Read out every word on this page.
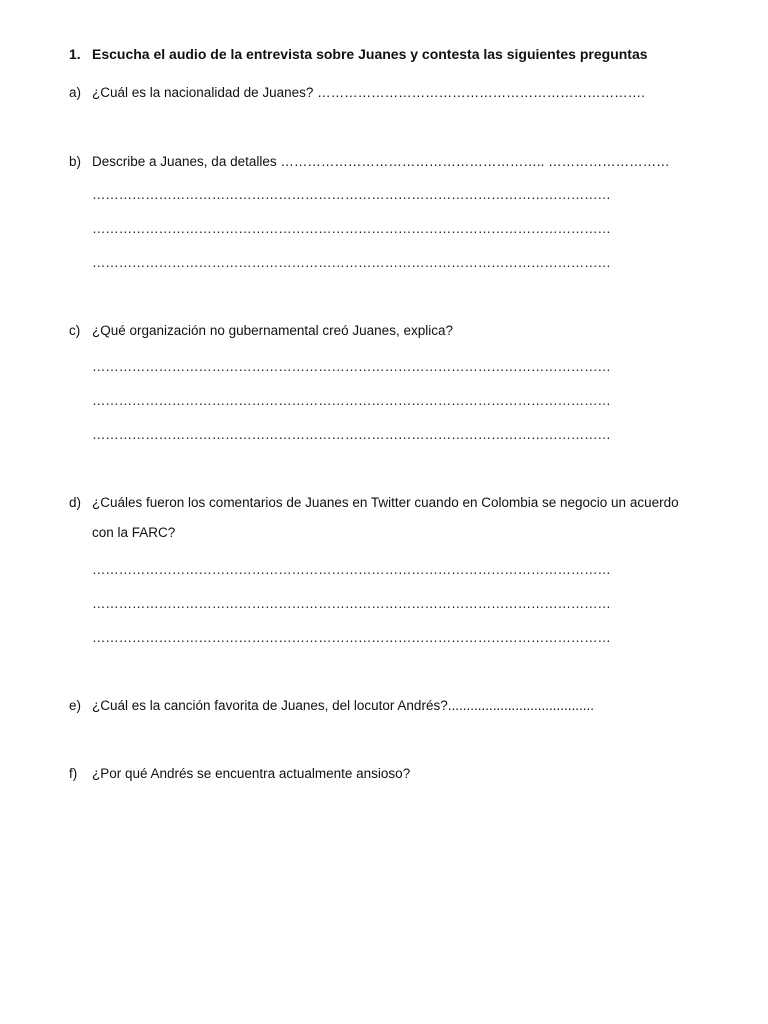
1. Escucha el audio de la entrevista sobre Juanes y contesta las siguientes preguntas
a) ¿Cuál es la nacionalidad de Juanes? ……………………………………………………………….
b) Describe a Juanes, da detalles ………………………………………………….. ………………………
………………………………………………………………………………………………………
………………………………………………………………………………………………………
………………………………………………………………………………………………………
c) ¿Qué organización no gubernamental creó Juanes, explica?
………………………………………………………………………………………………………
………………………………………………………………………………………………………
………………………………………………………………………………………………………
d) ¿Cuáles fueron los comentarios de Juanes en Twitter cuando en Colombia se negocio un acuerdo
con la FARC?
………………………………………………………………………………………………………
………………………………………………………………………………………………………
………………………………………………………………………………………………………
e) ¿Cuál es la canción favorita de Juanes, del locutor Andrés?.......................................
f) ¿Por qué Andrés se encuentra actualmente ansioso?
